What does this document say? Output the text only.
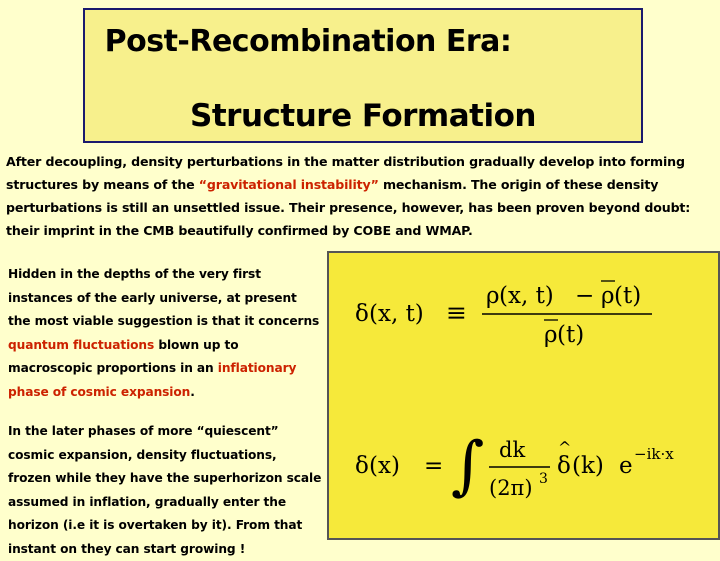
Post-Recombination Era:
Structure Formation
After decoupling, density perturbations in the matter distribution gradually develop into forming structures by means of the “gravitational instability” mechanism. The origin of these density perturbations is still an unsettled issue. Their presence, however, has been proven beyond doubt: their imprint in the CMB beautifully confirmed by COBE and WMAP.

Hidden in the depths of the very first instances of the early universe, at present the most viable suggestion is that it concerns quantum fluctuations blown up to macroscopic proportions in an inflationary phase of cosmic expansion.

In the later phases of more “quiescent” cosmic expansion, density fluctuations, frozen while they have the superhorizon scale assumed in inflation, gradually enter the horizon (i.e it is overtaken by it). From that instant on they can start growing !

δ (x, t) ≡
ρ (x, t) − ρ (t)
ρ (t)
δ (x) = ∫ dk
(2π) 3 δ
^
(k) e −ik·x
